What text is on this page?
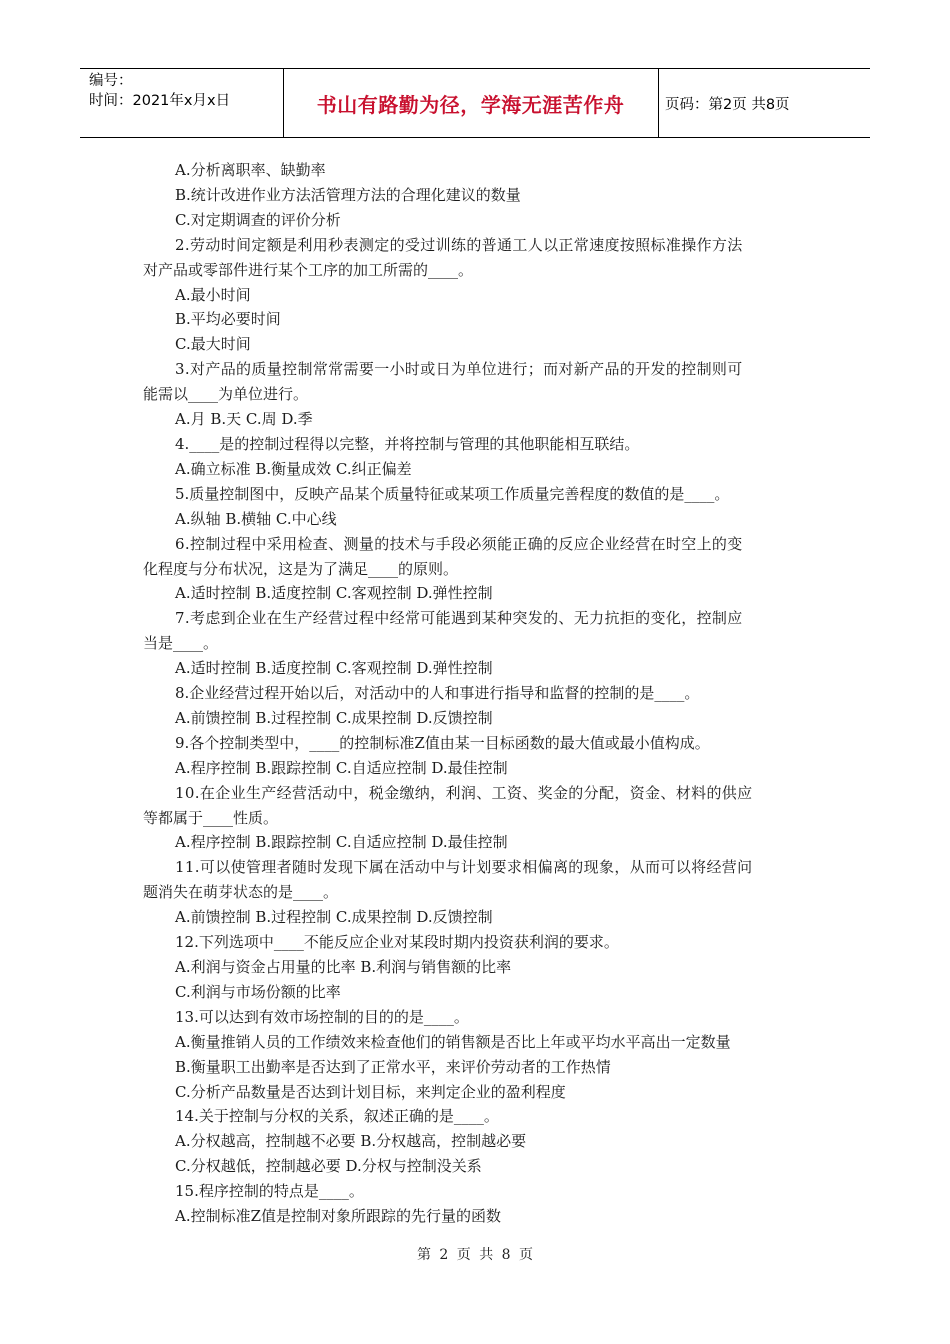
编号：
时间：2021年x月x日	书山有路勤为径，学海无涯苦作舟	页码：第2页 共8页

A.分析离职率、缺勤率

B.统计改进作业方法活管理方法的合理化建议的数量

C.对定期调查的评价分析

2.劳动时间定额是利用秒表测定的受过训练的普通工人以正常速度按照标准操作方法

对产品或零部件进行某个工序的加工所需的____。

A.最小时间

B.平均必要时间

C.最大时间

3.对产品的质量控制常常需要一小时或日为单位进行；而对新产品的开发的控制则可

能需以____为单位进行。

A.月 B.天 C.周 D.季

4.____是的控制过程得以完整，并将控制与管理的其他职能相互联结。

A.确立标准 B.衡量成效 C.纠正偏差

5.质量控制图中，反映产品某个质量特征或某项工作质量完善程度的数值的是____。

A.纵轴 B.横轴 C.中心线

6.控制过程中采用检查、测量的技术与手段必须能正确的反应企业经营在时空上的变

化程度与分布状况，这是为了满足____的原则。

A.适时控制 B.适度控制 C.客观控制 D.弹性控制

7.考虑到企业在生产经营过程中经常可能遇到某种突发的、无力抗拒的变化，控制应

当是____。

A.适时控制 B.适度控制 C.客观控制 D.弹性控制

8.企业经营过程开始以后，对活动中的人和事进行指导和监督的控制的是____。

A.前馈控制 B.过程控制 C.成果控制 D.反馈控制

9.各个控制类型中，____的控制标准Z值由某一目标函数的最大值或最小值构成。

A.程序控制 B.跟踪控制 C.自适应控制 D.最佳控制

10.在企业生产经营活动中，税金缴纳，利润、工资、奖金的分配，资金、材料的供应

等都属于____性质。

A.程序控制 B.跟踪控制 C.自适应控制 D.最佳控制

11.可以使管理者随时发现下属在活动中与计划要求相偏离的现象，从而可以将经营问

题消失在萌芽状态的是____。

A.前馈控制 B.过程控制 C.成果控制 D.反馈控制

12.下列选项中____不能反应企业对某段时期内投资获利润的要求。

A.利润与资金占用量的比率 B.利润与销售额的比率

C.利润与市场份额的比率

13.可以达到有效市场控制的目的的是____。

A.衡量推销人员的工作绩效来检查他们的销售额是否比上年或平均水平高出一定数量

B.衡量职工出勤率是否达到了正常水平，来评价劳动者的工作热情

C.分析产品数量是否达到计划目标，来判定企业的盈利程度

14.关于控制与分权的关系，叙述正确的是____。

A.分权越高，控制越不必要 B.分权越高，控制越必要

C.分权越低，控制越必要 D.分权与控制没关系

15.程序控制的特点是____。

A.控制标准Z值是控制对象所跟踪的先行量的函数

第 2 页 共 8 页
